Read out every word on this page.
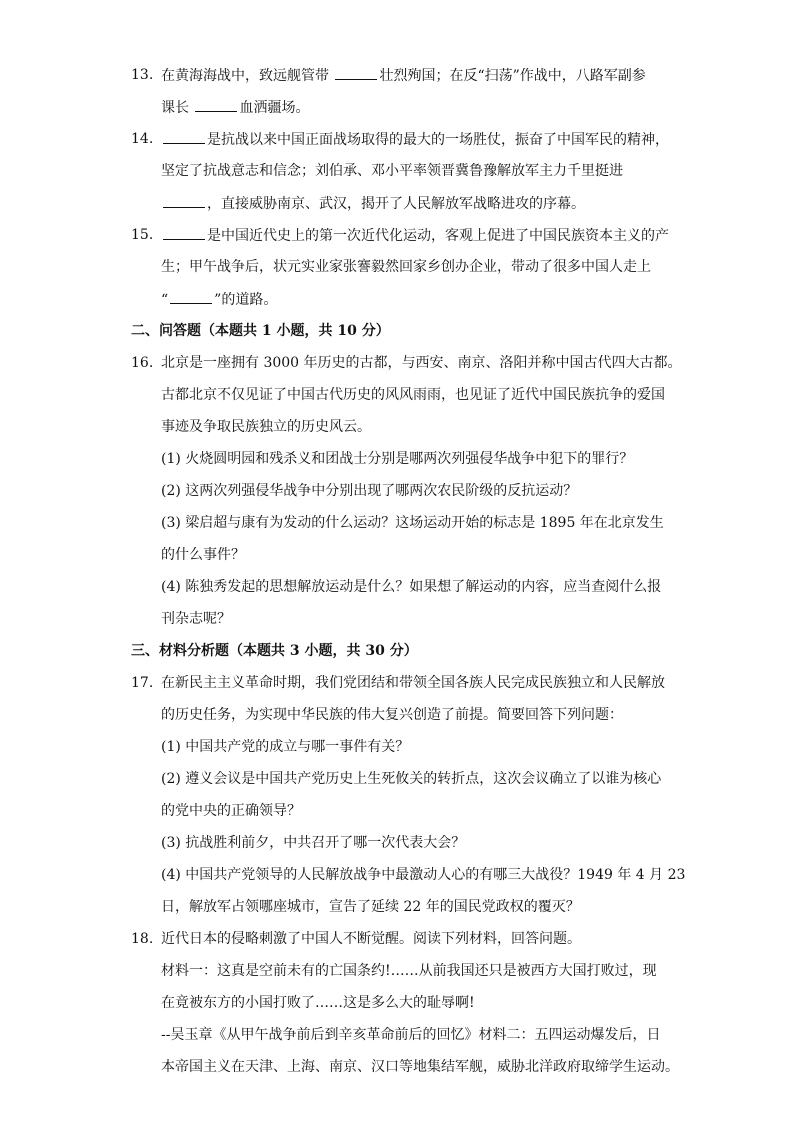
13. 在黄海海战中，致远舰管带	壮烈殉国；在反“扫荡”作战中，八路军副参
课长	血洒疆场。
14.	是抗战以来中国正面战场取得的最大的一场胜仗，振奋了中国军民的精神，
坚定了抗战意志和信念；刘伯承、邓小平率领晋冀鲁豫解放军主力千里挺进
，直接威胁南京、武汉，揭开了人民解放军战略进攻的序幕。
15.	是中国近代史上的第一次近代化运动，客观上促进了中国民族资本主义的产
生；甲午战争后，状元实业家张謇毅然回家乡创办企业，带动了很多中国人走上
“	”的道路。
二、问答题（本题共 1 小题，共 10 分）
16. 北京是一座拥有 3000 年历史的古都，与西安、南京、洛阳并称中国古代四大古都。
古都北京不仅见证了中国古代历史的风风雨雨，也见证了近代中国民族抗争的爱国
事迹及争取民族独立的历史风云。
(1) 火烧圆明园和残杀义和团战士分别是哪两次列强侵华战争中犯下的罪行？
(2) 这两次列强侵华战争中分别出现了哪两次农民阶级的反抗运动？
(3) 梁启超与康有为发动的什么运动？这场运动开始的标志是 1895 年在北京发生
的什么事件？
(4) 陈独秀发起的思想解放运动是什么？如果想了解运动的内容，应当查阅什么报
刊杂志呢？
三、材料分析题（本题共 3 小题，共 30 分）
17. 在新民主主义革命时期，我们党团结和带领全国各族人民完成民族独立和人民解放
的历史任务，为实现中华民族的伟大复兴创造了前提。简要回答下列问题：
(1) 中国共产党的成立与哪一事件有关？
(2) 遵义会议是中国共产党历史上生死攸关的转折点，这次会议确立了以谁为核心
的党中央的正确领导？
(3) 抗战胜利前夕，中共召开了哪一次代表大会？
(4) 中国共产党领导的人民解放战争中最激动人心的有哪三大战役？1949 年 4 月 23
日，解放军占领哪座城市，宣告了延续 22 年的国民党政权的覆灭？
18. 近代日本的侵略刺激了中国人不断觉醒。阅读下列材料，回答问题。
材料一：这真是空前未有的亡国条约!……从前我国还只是被西方大国打败过，现
在竟被东方的小国打败了……这是多么大的耻辱啊!
--吴玉章《从甲午战争前后到辛亥革命前后的回忆》材料二：五四运动爆发后，日
本帝国主义在天津、上海、南京、汉口等地集结军舰，威胁北洋政府取缔学生运动。
